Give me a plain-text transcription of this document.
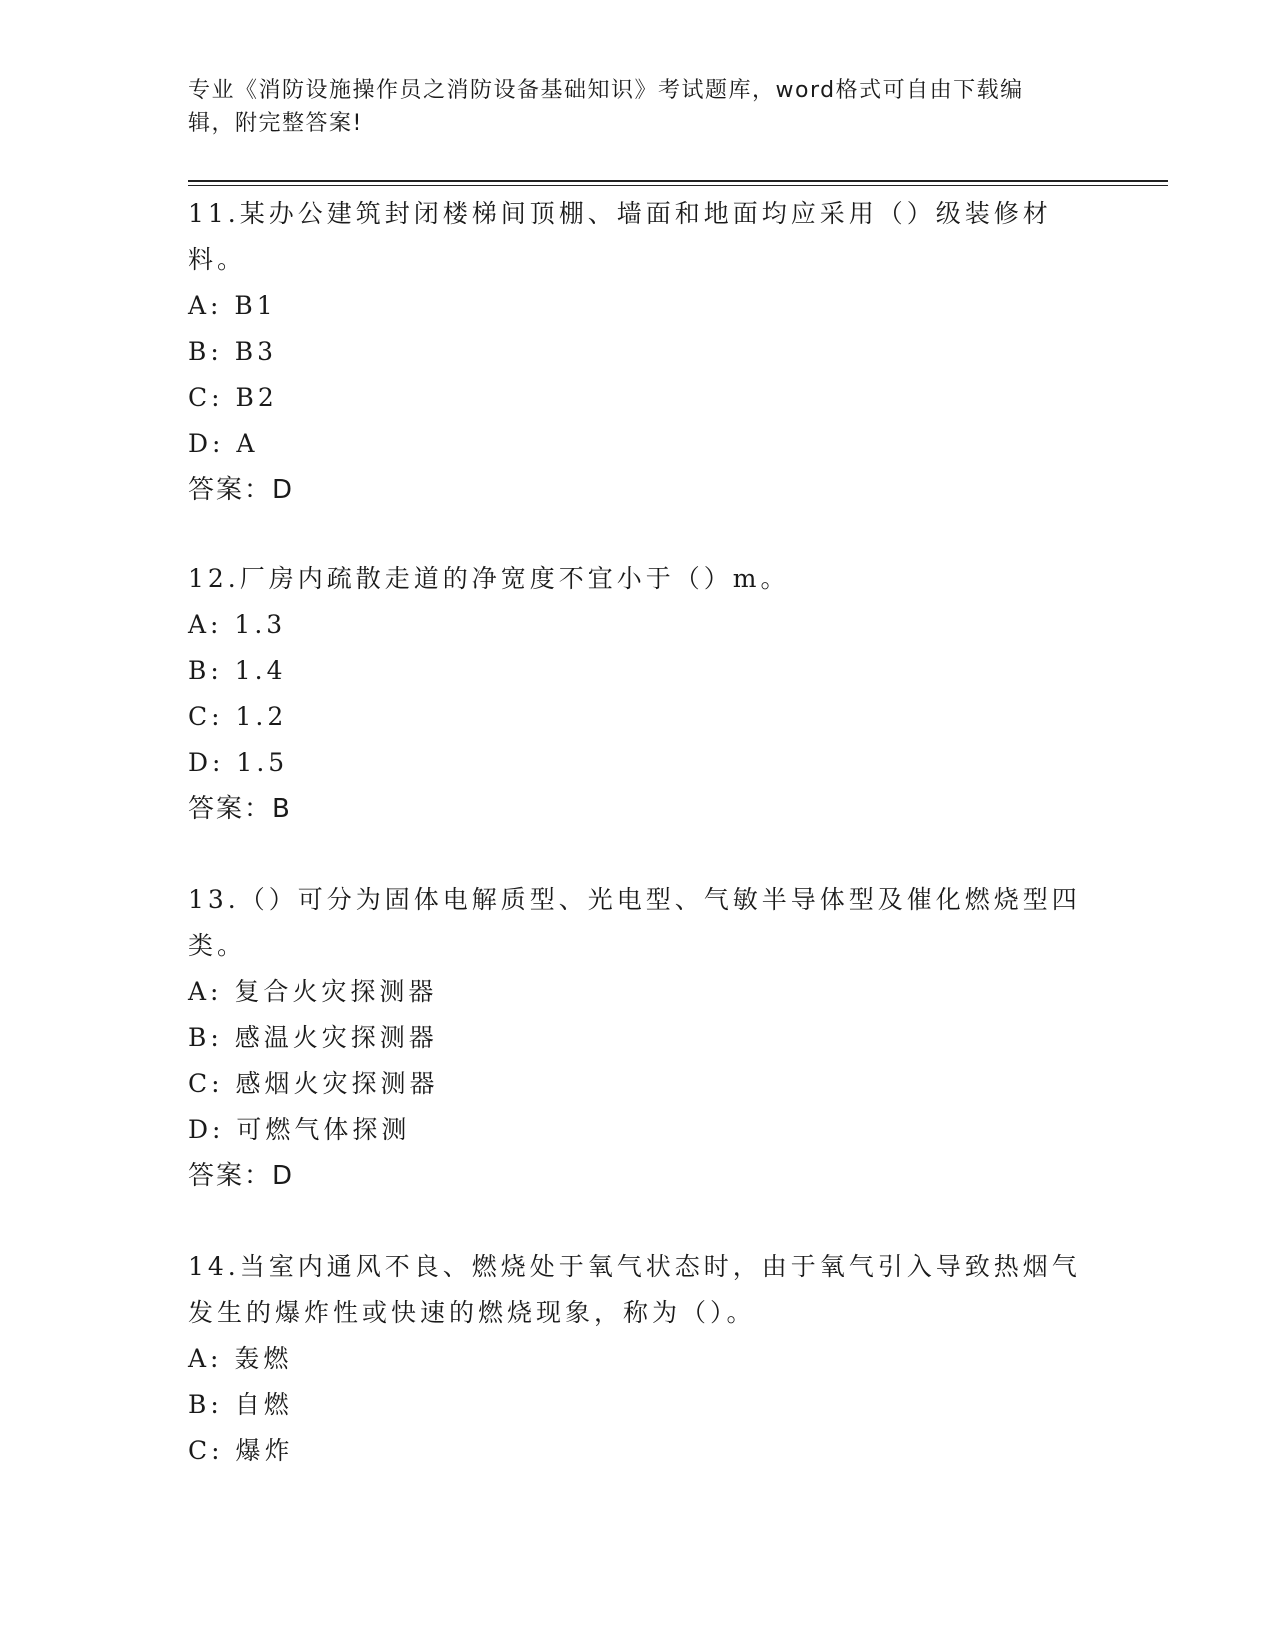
专业《消防设施操作员之消防设备基础知识》考试题库，word格式可自由下载编辑，附完整答案!

11.某办公建筑封闭楼梯间顶棚、墙面和地面均应采用（）级装修材料。

A: B1

B: B3

C: B2

D: A

答案：D

12.厂房内疏散走道的净宽度不宜小于（）m。

A: 1.3

B: 1.4

C: 1.2

D: 1.5

答案：B

13.（）可分为固体电解质型、光电型、气敏半导体型及催化燃烧型四类。

A: 复合火灾探测器

B: 感温火灾探测器

C: 感烟火灾探测器

D: 可燃气体探测

答案：D

14.当室内通风不良、燃烧处于氧气状态时，由于氧气引入导致热烟气发生的爆炸性或快速的燃烧现象，称为（）。

A: 轰燃

B: 自燃

C: 爆炸
